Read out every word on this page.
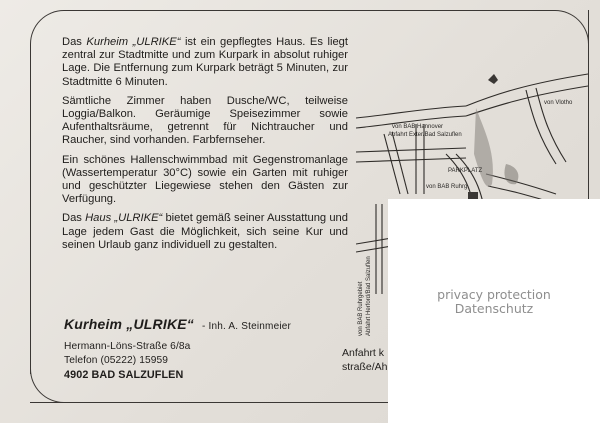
Das Kurheim „ULRIKE“ ist ein gepflegtes Haus. Es liegt zentral zur Stadtmitte und zum Kurpark in absolut ruhiger Lage. Die Entfernung zum Kurpark beträgt 5 Minuten, zur Stadtmitte 6 Minuten.

Sämtliche Zimmer haben Dusche/WC, teilweise Loggia/Balkon. Geräumige Speisezimmer sowie Aufenthaltsräume, getrennt für Nichtraucher und Raucher, sind vorhanden. Farbfernseher.

Ein schönes Hallenschwimmbad mit Gegenstromanlage (Wassertemperatur 30°C) sowie ein Garten mit ruhiger und geschützter Liegewiese stehen den Gästen zur Verfügung.

Das Haus „ULRIKE“ bietet gemäß seiner Ausstattung und Lage jedem Gast die Möglichkeit, sich seine Kur und seinen Urlaub ganz individuell zu gestalten.

Kurheim „ULRIKE“ - Inh. A. Steinmeier
Hermann-Löns-Straße 6/8a
Telefon (05222) 15959
4902 BAD SALZUFLEN
von BAB Hannover
Abfahrt Exter/Bad Salzuflen
von Vlotho
PARKPLATZ
von BAB Ruhrg.
von BAB Ruhrgebiet Abfahrt Herford/Bad Salzuflen
Anfahrt k
straße/Ah
privacy protection
Datenschutz
